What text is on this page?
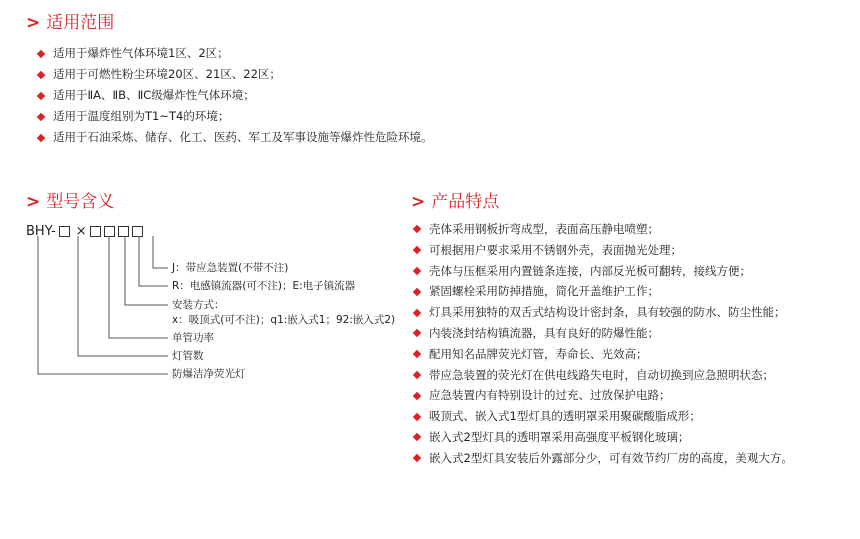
> 适用范围
适用于爆炸性气体环境1区、2区；
适用于可燃性粉尘环境20区、21区、22区；
适用于ⅡA、ⅡB、ⅡC级爆炸性气体环境；
适用于温度组别为T1~T4的环境；
适用于石油采炼、储存、化工、医药、军工及军事设施等爆炸性危险环境。
> 型号含义
BHY- ×
J：带应急装置(不带不注)
R：电感镇流器(可不注)；E:电子镇流器
安装方式：
x：吸顶式(可不注)；q1:嵌入式1；92:嵌入式2)
单管功率
灯管数
防爆洁净荧光灯
> 产品特点
壳体采用钢板折弯成型，表面高压静电喷塑；
可根据用户要求采用不锈钢外壳，表面抛光处理；
壳体与压框采用内置链条连接，内部反光板可翻转，接线方便；
紧固螺栓采用防掉措施，简化开盖维护工作；
灯具采用独特的双舌式结构设计密封条，具有较强的防水、防尘性能；
内装浇封结构镇流器，具有良好的防爆性能；
配用知名品牌荧光灯管，寿命长、光效高；
带应急装置的荧光灯在供电线路失电时，自动切换到应急照明状态；
应急装置内有特别设计的过充、过放保护电路；
吸顶式、嵌入式1型灯具的透明罩采用聚碳酸脂成形；
嵌入式2型灯具的透明罩采用高强度平板钢化玻璃；
嵌入式2型灯具安装后外露部分少，可有效节约厂房的高度，美观大方。
